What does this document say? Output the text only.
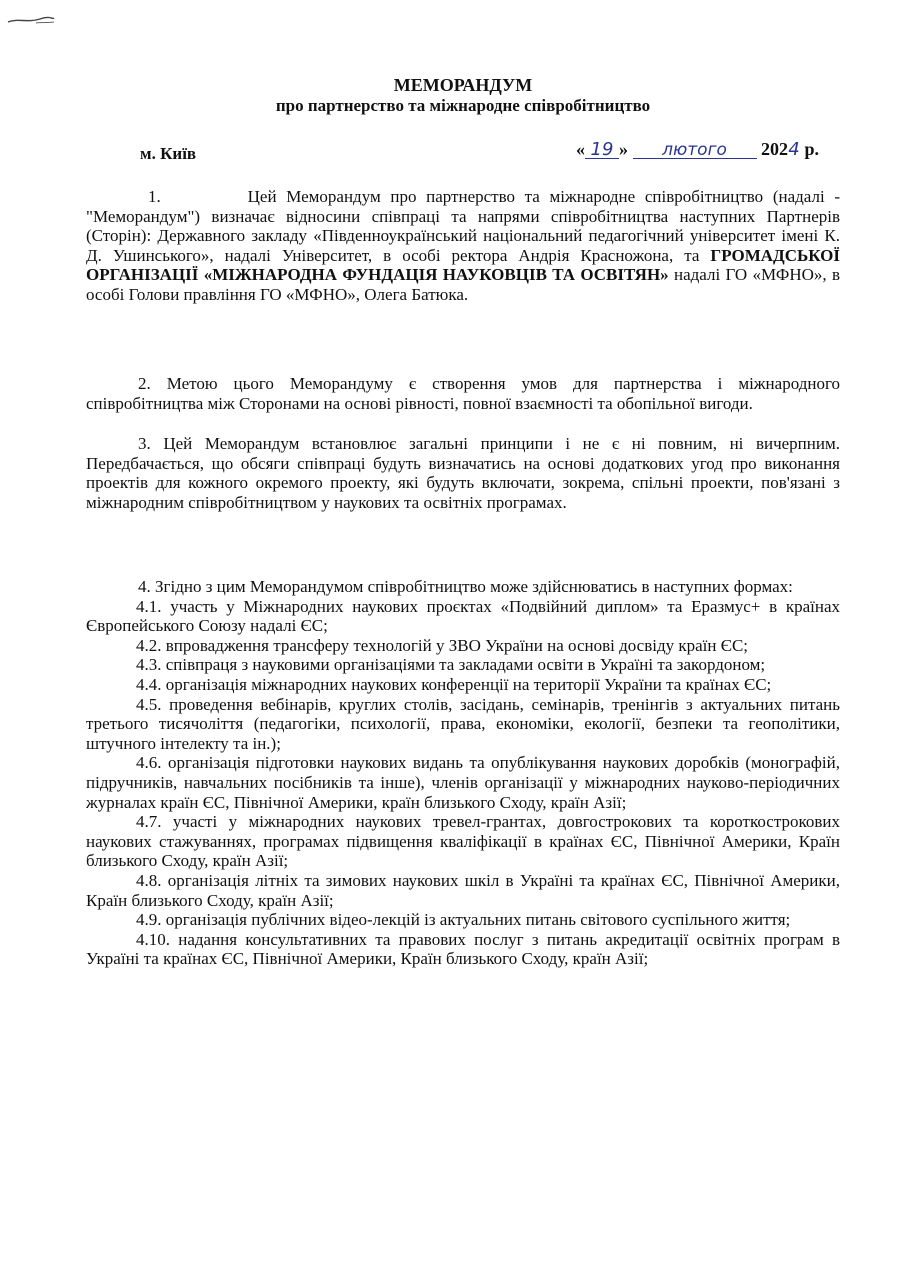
МЕМОРАНДУМ
про партнерство та міжнародне співробітництво
м. Київ	« 19 » лютого 2024 р.

1.	Цей Меморандум про партнерство та міжнародне співробітництво (надалі - "Меморандум") визначає відносини співпраці та напрями співробітництва наступних Партнерів (Сторін): Державного закладу «Південноукраїнський національний педагогічний університет імені К. Д. Ушинського», надалі Університет, в особі ректора Андрія Красножона, та ГРОМАДСЬКОЇ ОРГАНІЗАЦІЇ «МІЖНАРОДНА ФУНДАЦІЯ НАУКОВЦІВ ТА ОСВІТЯН» надалі ГО «МФНО», в особі Голови правління ГО «МФНО», Олега Батюка.

2. Метою цього Меморандуму є створення умов для партнерства і міжнародного співробітництва між Сторонами на основі рівності, повної взаємності та обопільної вигоди.

3. Цей Меморандум встановлює загальні принципи і не є ні повним, ні вичерпним. Передбачається, що обсяги співпраці будуть визначатись на основі додаткових угод про виконання проектів для кожного окремого проекту, які будуть включати, зокрема, спільні проекти, пов'язані з міжнародним співробітництвом у наукових та освітніх програмах.

4. Згідно з цим Меморандумом співробітництво може здійснюватись в наступних формах:

4.1. участь у Міжнародних наукових проєктах «Подвійний диплом» та Еразмус+ в країнах Європейського Союзу надалі ЄС;

4.2. впровадження трансферу технологій у ЗВО України на основі досвіду країн ЄС;

4.3. співпраця з науковими організаціями та закладами освіти в Україні та закордоном;

4.4. організація міжнародних наукових конференції на території України та країнах ЄС;

4.5. проведення вебінарів, круглих столів, засідань, семінарів, тренінгів з актуальних питань третього тисячоліття (педагогіки, психології, права, економіки, екології, безпеки та геополітики, штучного інтелекту та ін.);

4.6. організація підготовки наукових видань та опублікування наукових доробків (монографій, підручників, навчальних посібників та інше), членів організації у міжнародних науково-періодичних журналах країн ЄС, Північної Америки, країн близького Сходу, країн Азії;

4.7. участі у міжнародних наукових тревел-грантах, довгострокових та короткострокових наукових стажуваннях, програмах підвищення кваліфікації в країнах ЄС, Північної Америки, Країн близького Сходу, країн Азії;

4.8. організація літніх та зимових наукових шкіл в Україні та країнах ЄС, Північної Америки, Країн близького Сходу, країн Азії;

4.9. організація публічних відео-лекцій із актуальних питань світового суспільного життя;

4.10. надання консультативних та правових послуг з питань акредитації освітніх програм в Україні та країнах ЄС, Північної Америки, Країн близького Сходу, країн Азії;
